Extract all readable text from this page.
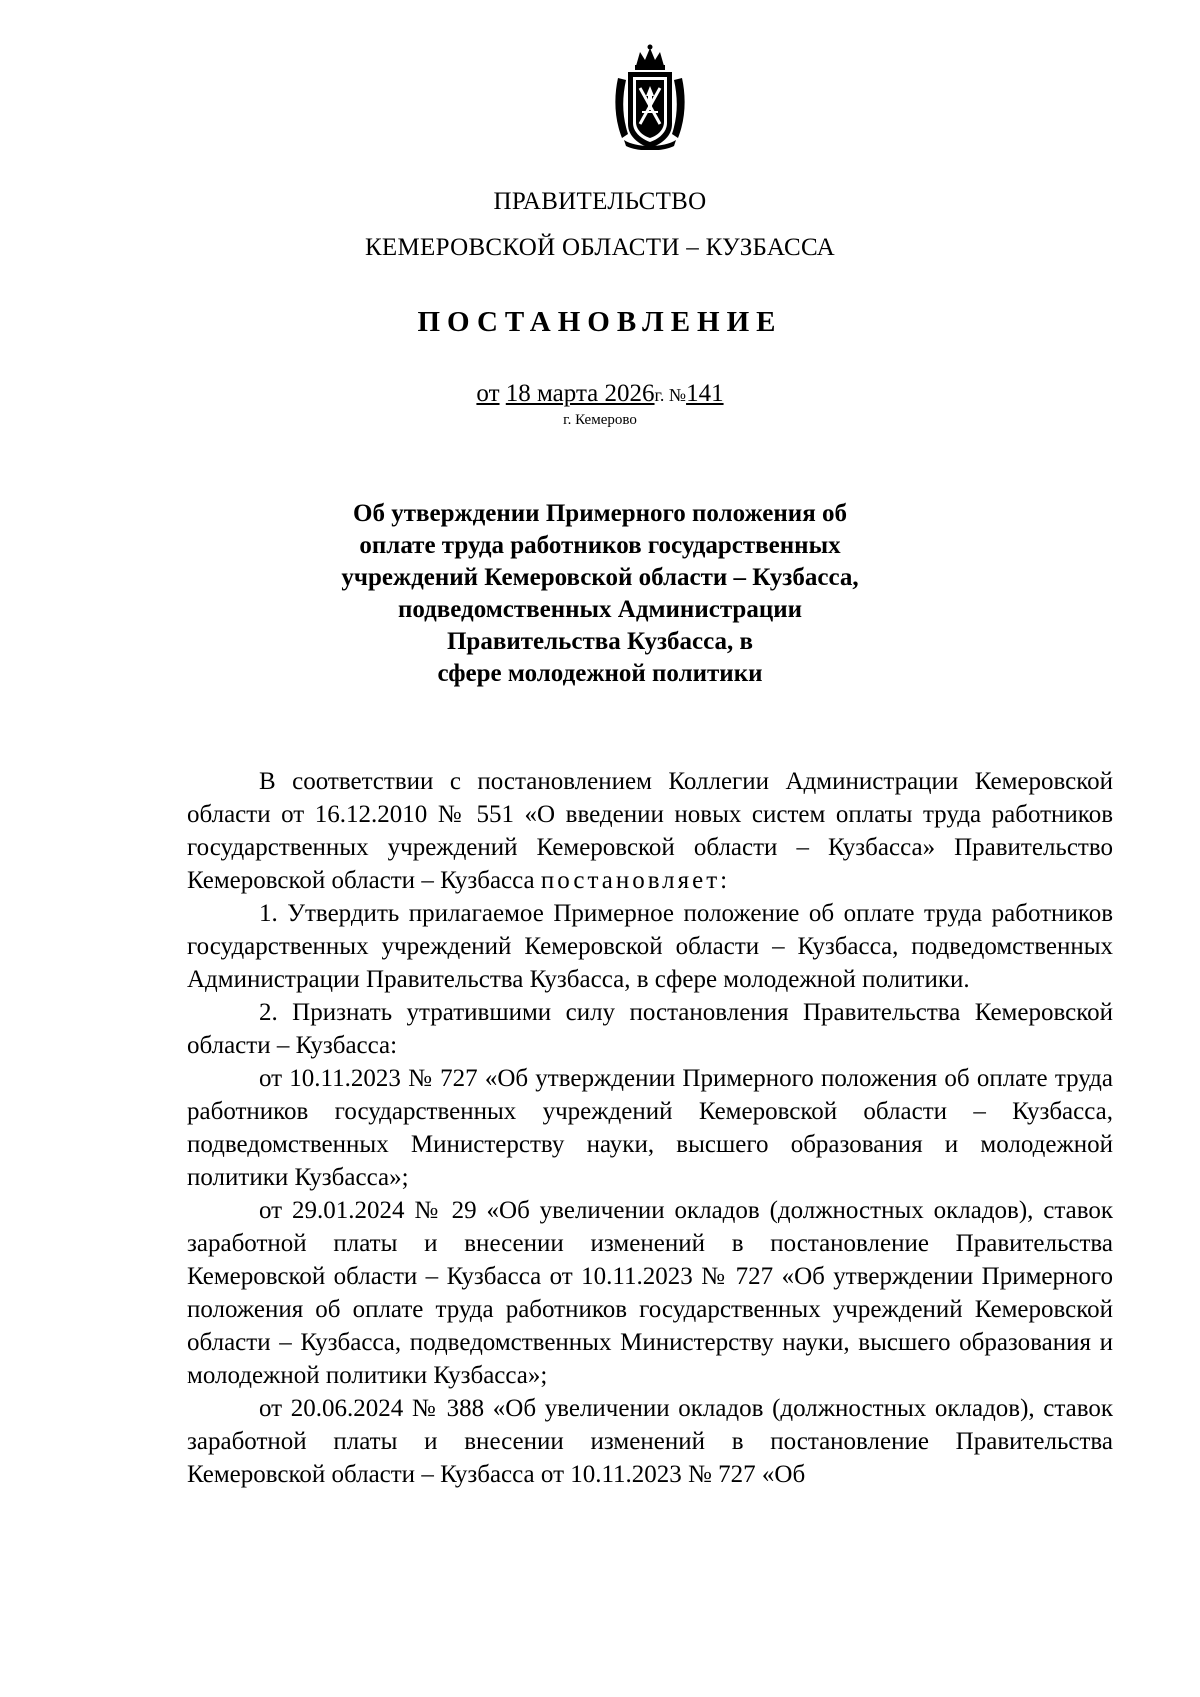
ПРАВИТЕЛЬСТВО
КЕМЕРОВСКОЙ ОБЛАСТИ – КУЗБАССА
ПОСТАНОВЛЕНИЕ
от 18 марта 2026г. №141
г. Кемерово
Об утверждении Примерного положения об
оплате труда работников государственных
учреждений Кемеровской области – Кузбасса,
подведомственных Администрации
Правительства Кузбасса, в
сфере молодежной политики

В соответствии с постановлением Коллегии Администрации Кемеровской области от 16.12.2010 № 551 «О введении новых систем оплаты труда работников государственных учреждений Кемеровской области – Кузбасса» Правительство Кемеровской области – Кузбасса постановляет:

1. Утвердить прилагаемое Примерное положение об оплате труда работников государственных учреждений Кемеровской области – Кузбасса, подведомственных Администрации Правительства Кузбасса, в сфере молодежной политики.

2. Признать утратившими силу постановления Правительства Кемеровской области – Кузбасса:

от 10.11.2023 № 727 «Об утверждении Примерного положения об оплате труда работников государственных учреждений Кемеровской области – Кузбасса, подведомственных Министерству науки, высшего образования и молодежной политики Кузбасса»;

от 29.01.2024 № 29 «Об увеличении окладов (должностных окладов), ставок заработной платы и внесении изменений в постановление Правительства Кемеровской области – Кузбасса от 10.11.2023 № 727 «Об утверждении Примерного положения об оплате труда работников государственных учреждений Кемеровской области – Кузбасса, подведомственных Министерству науки, высшего образования и молодежной политики Кузбасса»;

от 20.06.2024 № 388 «Об увеличении окладов (должностных окладов), ставок заработной платы и внесении изменений в постановление Правительства Кемеровской области – Кузбасса от 10.11.2023 № 727 «Об
